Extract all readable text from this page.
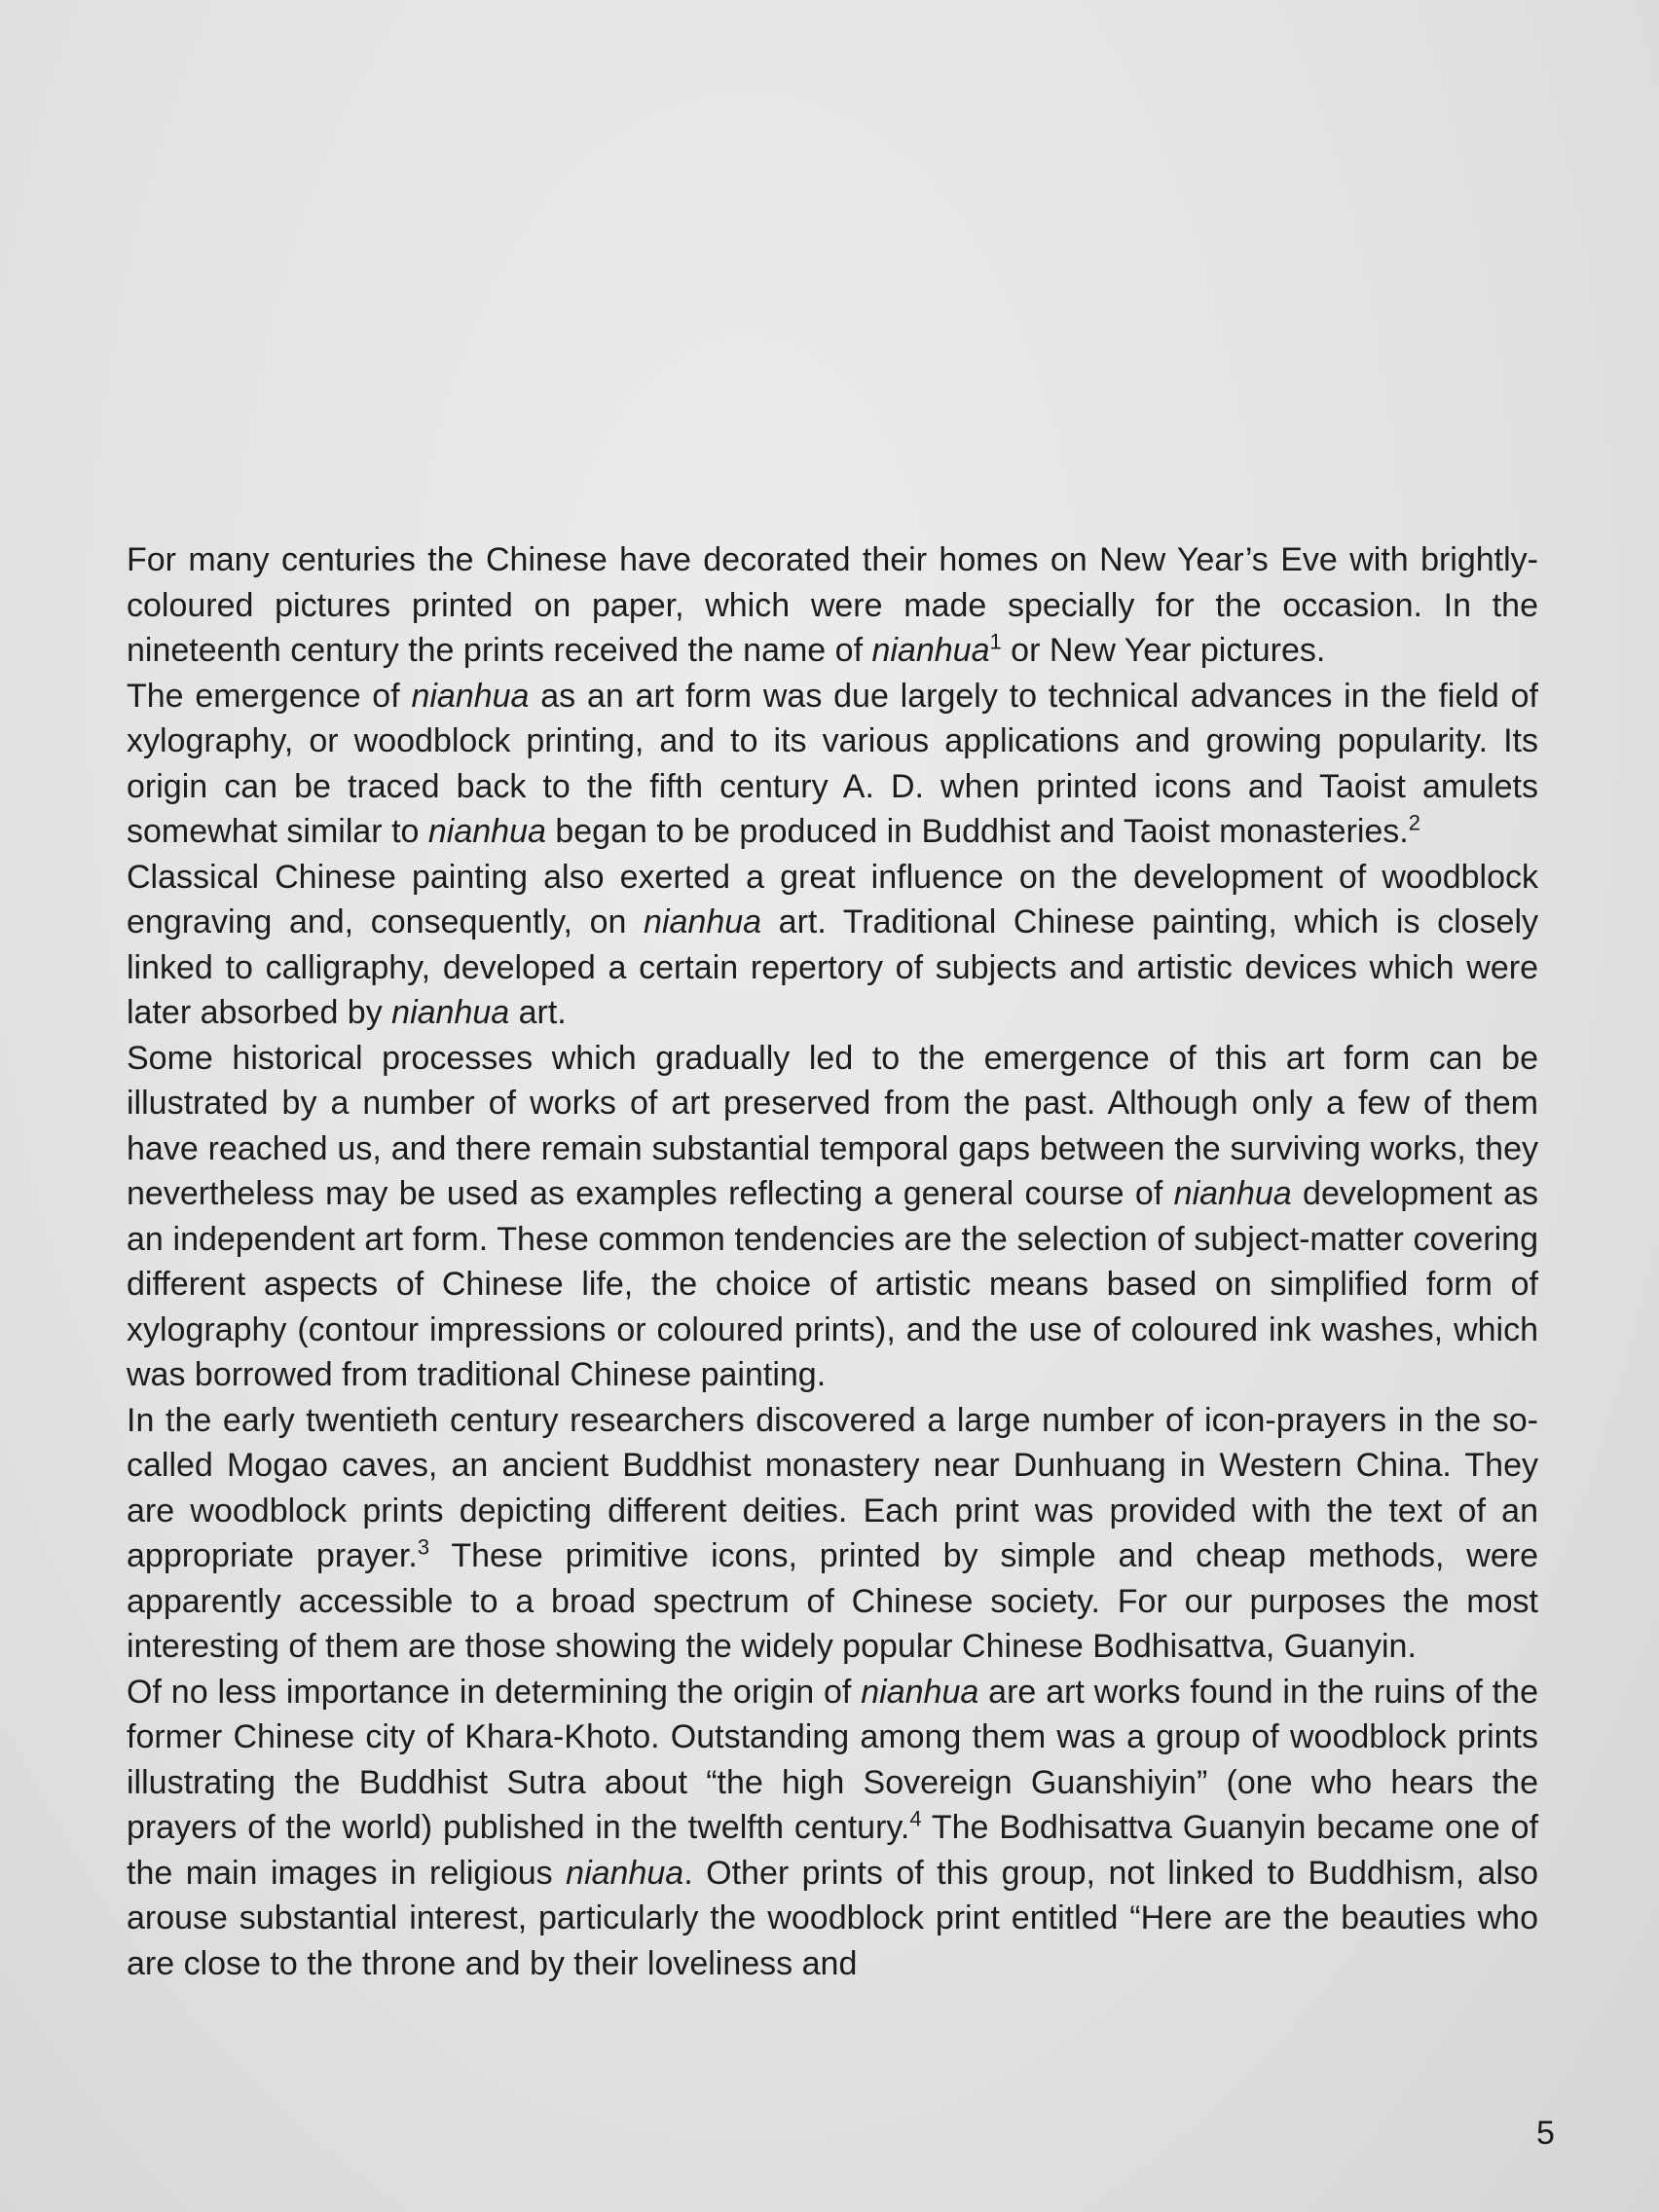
For many centuries the Chinese have decorated their homes on New Year’s Eve with brightly-coloured pictures printed on paper, which were made specially for the occasion. In the nineteenth century the prints received the name of nianhua$^1$ or New Year pictures.

The emergence of nianhua as an art form was due largely to technical advances in the field of xylography, or woodblock printing, and to its various applications and growing popularity. Its origin can be traced back to the fifth century A. D. when printed icons and Taoist amulets somewhat similar to nianhua began to be produced in Buddhist and Taoist monasteries.$^2$

Classical Chinese painting also exerted a great influence on the development of woodblock engraving and, consequently, on nianhua art. Traditional Chinese painting, which is closely linked to calligraphy, developed a certain repertory of subjects and artistic devices which were later absorbed by nianhua art.

Some historical processes which gradually led to the emergence of this art form can be illustrated by a number of works of art preserved from the past. Although only a few of them have reached us, and there remain substantial temporal gaps between the surviving works, they nevertheless may be used as examples reflecting a general course of nianhua development as an independent art form. These common tendencies are the selection of subject-matter covering different aspects of Chinese life, the choice of artistic means based on simplified form of xylography (contour impressions or coloured prints), and the use of coloured ink washes, which was borrowed from traditional Chinese painting.

In the early twentieth century researchers discovered a large number of icon-prayers in the so-called Mogao caves, an ancient Buddhist monastery near Dunhuang in Western China. They are woodblock prints depicting different deities. Each print was provided with the text of an appropriate prayer.$^3$ These primitive icons, printed by simple and cheap methods, were apparently accessible to a broad spectrum of Chinese society. For our purposes the most interesting of them are those showing the widely popular Chinese Bodhisattva, Guanyin.

Of no less importance in determining the origin of nianhua are art works found in the ruins of the former Chinese city of Khara-Khoto. Outstanding among them was a group of woodblock prints illustrating the Buddhist Sutra about “the high Sovereign Guanshiyin” (one who hears the prayers of the world) published in the twelfth century.$^4$ The Bodhisattva Guanyin became one of the main images in religious nianhua. Other prints of this group, not linked to Buddhism, also arouse substantial interest, particularly the woodblock print entitled “Here are the beauties who are close to the throne and by their loveliness and

5
